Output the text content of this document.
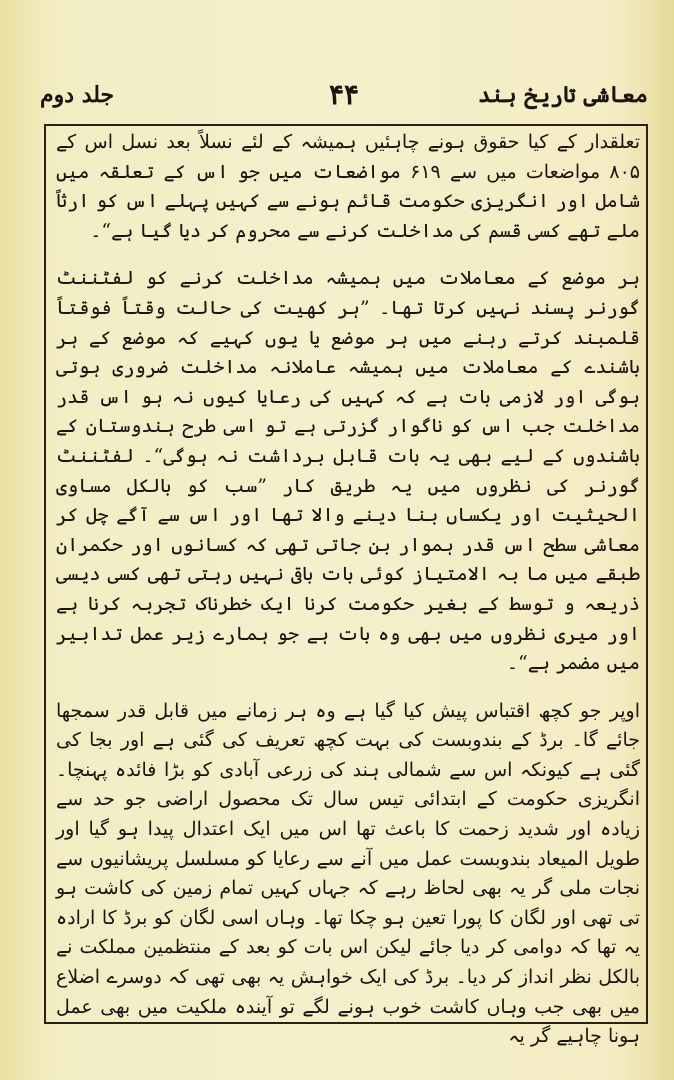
معاشی تاریخ ہند
۴۴
جلد دوم

تعلقدار کے کیا حقوق ہونے چاہئیں ہمیشہ کے لئے نسلاً بعد نسل اس کے ۸۰۵ مواضعات میں سے ۶۱۹ مواضعات میں جو اس کے تعلقہ میں شامل اور انگریزی حکومت قائم ہونے سے کہیں پہلے اس کو ارثاً ملے تھے کسی قسم کی مداخلت کرنے سے محروم کر دیا گیا ہے“۔

ہر موضع کے معاملات میں ہمیشہ مداخلت کرنے کو لفٹننٹ گورنر پسند نہیں کرتا تھا۔ ”ہر کھیت کی حالت وقتاً فوقتاً قلمبند کرتے رہنے میں ہر موضع یا یوں کہیے کہ موضع کے ہر باشندے کے معاملات میں ہمیشہ عاملانہ مداخلت ضروری ہوتی ہوگی اور لازمی بات ہے کہ کہیں کی رعایا کیوں نہ ہو اس قدر مداخلت جب اس کو ناگوار گزرتی ہے تو اسی طرح ہندوستان کے باشندوں کے لیے بھی یہ بات قابل برداشت نہ ہوگی“۔ لفٹننٹ گورنر کی نظروں میں یہ طریق کار ”سب کو بالکل مساوی الحیثیت اور یکساں بنا دینے والا تھا اور اس سے آگے چل کر معاشی سطح اس قدر ہموار بن جاتی تھی کہ کسانوں اور حکمران طبقے میں ما بہ الامتیاز کوئی بات باقی نہیں رہتی تھی کسی دیسی ذریعہ و توسط کے بغیر حکومت کرنا ایک خطرناک تجربہ کرنا ہے اور میری نظروں میں بھی وہ بات ہے جو ہمارے زیر عمل تدابیر میں مضمر ہے“۔

اوپر جو کچھ اقتباس پیش کیا گیا ہے وہ ہر زمانے میں قابل قدر سمجھا جائے گا۔ برڈ کے بندوبست کی بہت کچھ تعریف کی گئی ہے اور بجا کی گئی ہے کیونکہ اس سے شمالی ہند کی زرعی آبادی کو بڑا فائدہ پہنچا۔ انگریزی حکومت کے ابتدائی تیس سال تک محصول اراضی جو حد سے زیادہ اور شدید زحمت کا باعث تھا اس میں ایک اعتدال پیدا ہو گیا اور طویل المیعاد بندوبست عمل میں آنے سے رعایا کو مسلسل پریشانیوں سے نجات ملی گر یہ بھی لحاظ رہے کہ جہاں کہیں تمام زمین کی کاشت ہو تی تھی اور لگان کا پورا تعین ہو چکا تھا۔ وہاں اسی لگان کو برڈ کا ارادہ یہ تھا کہ دوامی کر دیا جائے لیکن اس بات کو بعد کے منتظمین مملکت نے بالکل نظر انداز کر دیا۔ برڈ کی ایک خواہش یہ بھی تھی کہ دوسرے اضلاع میں بھی جب وہاں کاشت خوب ہونے لگے تو آیندہ ملکیت میں بھی عمل ہونا چاہیے گر یہ
